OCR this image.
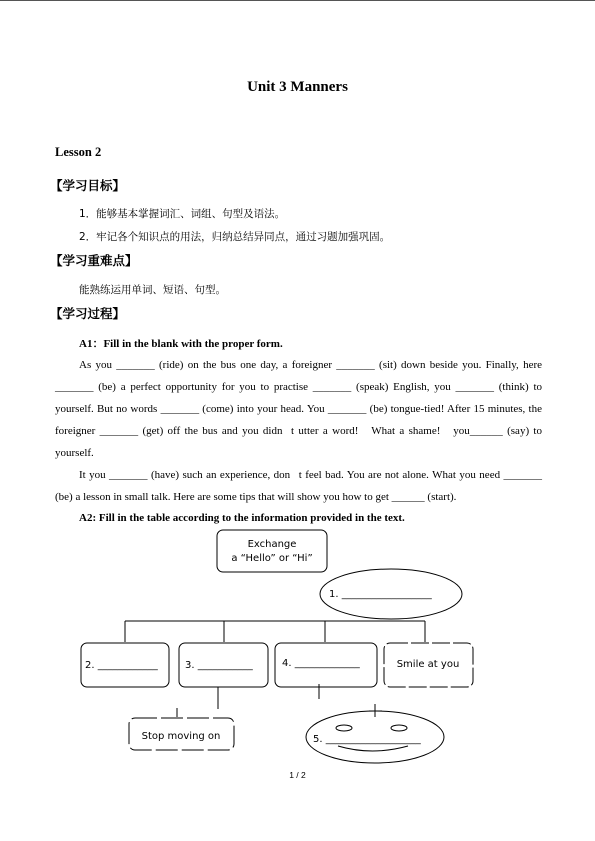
Unit 3 Manners
Lesson 2
【学习目标】
1．能够基本掌握词汇、词组、句型及语法。
2．牢记各个知识点的用法，归纳总结异同点，通过习题加强巩固。
【学习重难点】
能熟练运用单词、短语、句型。
【学习过程】
A1：Fill in the blank with the proper form.

As you _______ (ride) on the bus one day, a foreigner _______ (sit) down beside you. Finally, here _______ (be) a perfect opportunity for you to practise _______ (speak) English, you _______ (think) to yourself. But no words _______ (come) into your head. You _______ (be) tongue-tied! After 15 minutes, the foreigner _______ (get) off the bus and you didn t utter a word!  What a shame!  you______ (say) to yourself.

It you _______ (have) such an experience, don t feel bad. You are not alone. What you need _______ (be) a lesson in small talk. Here are some tips that will show you how to get ______ (start).

A2: Fill in the table according to the information provided in the text.
Exchange
a “Hello” or “Hi”
1. __________________
2. ____________	3. ___________	4. _____________	Smile at you
Stop moving on	5. ___________________
1 / 2
